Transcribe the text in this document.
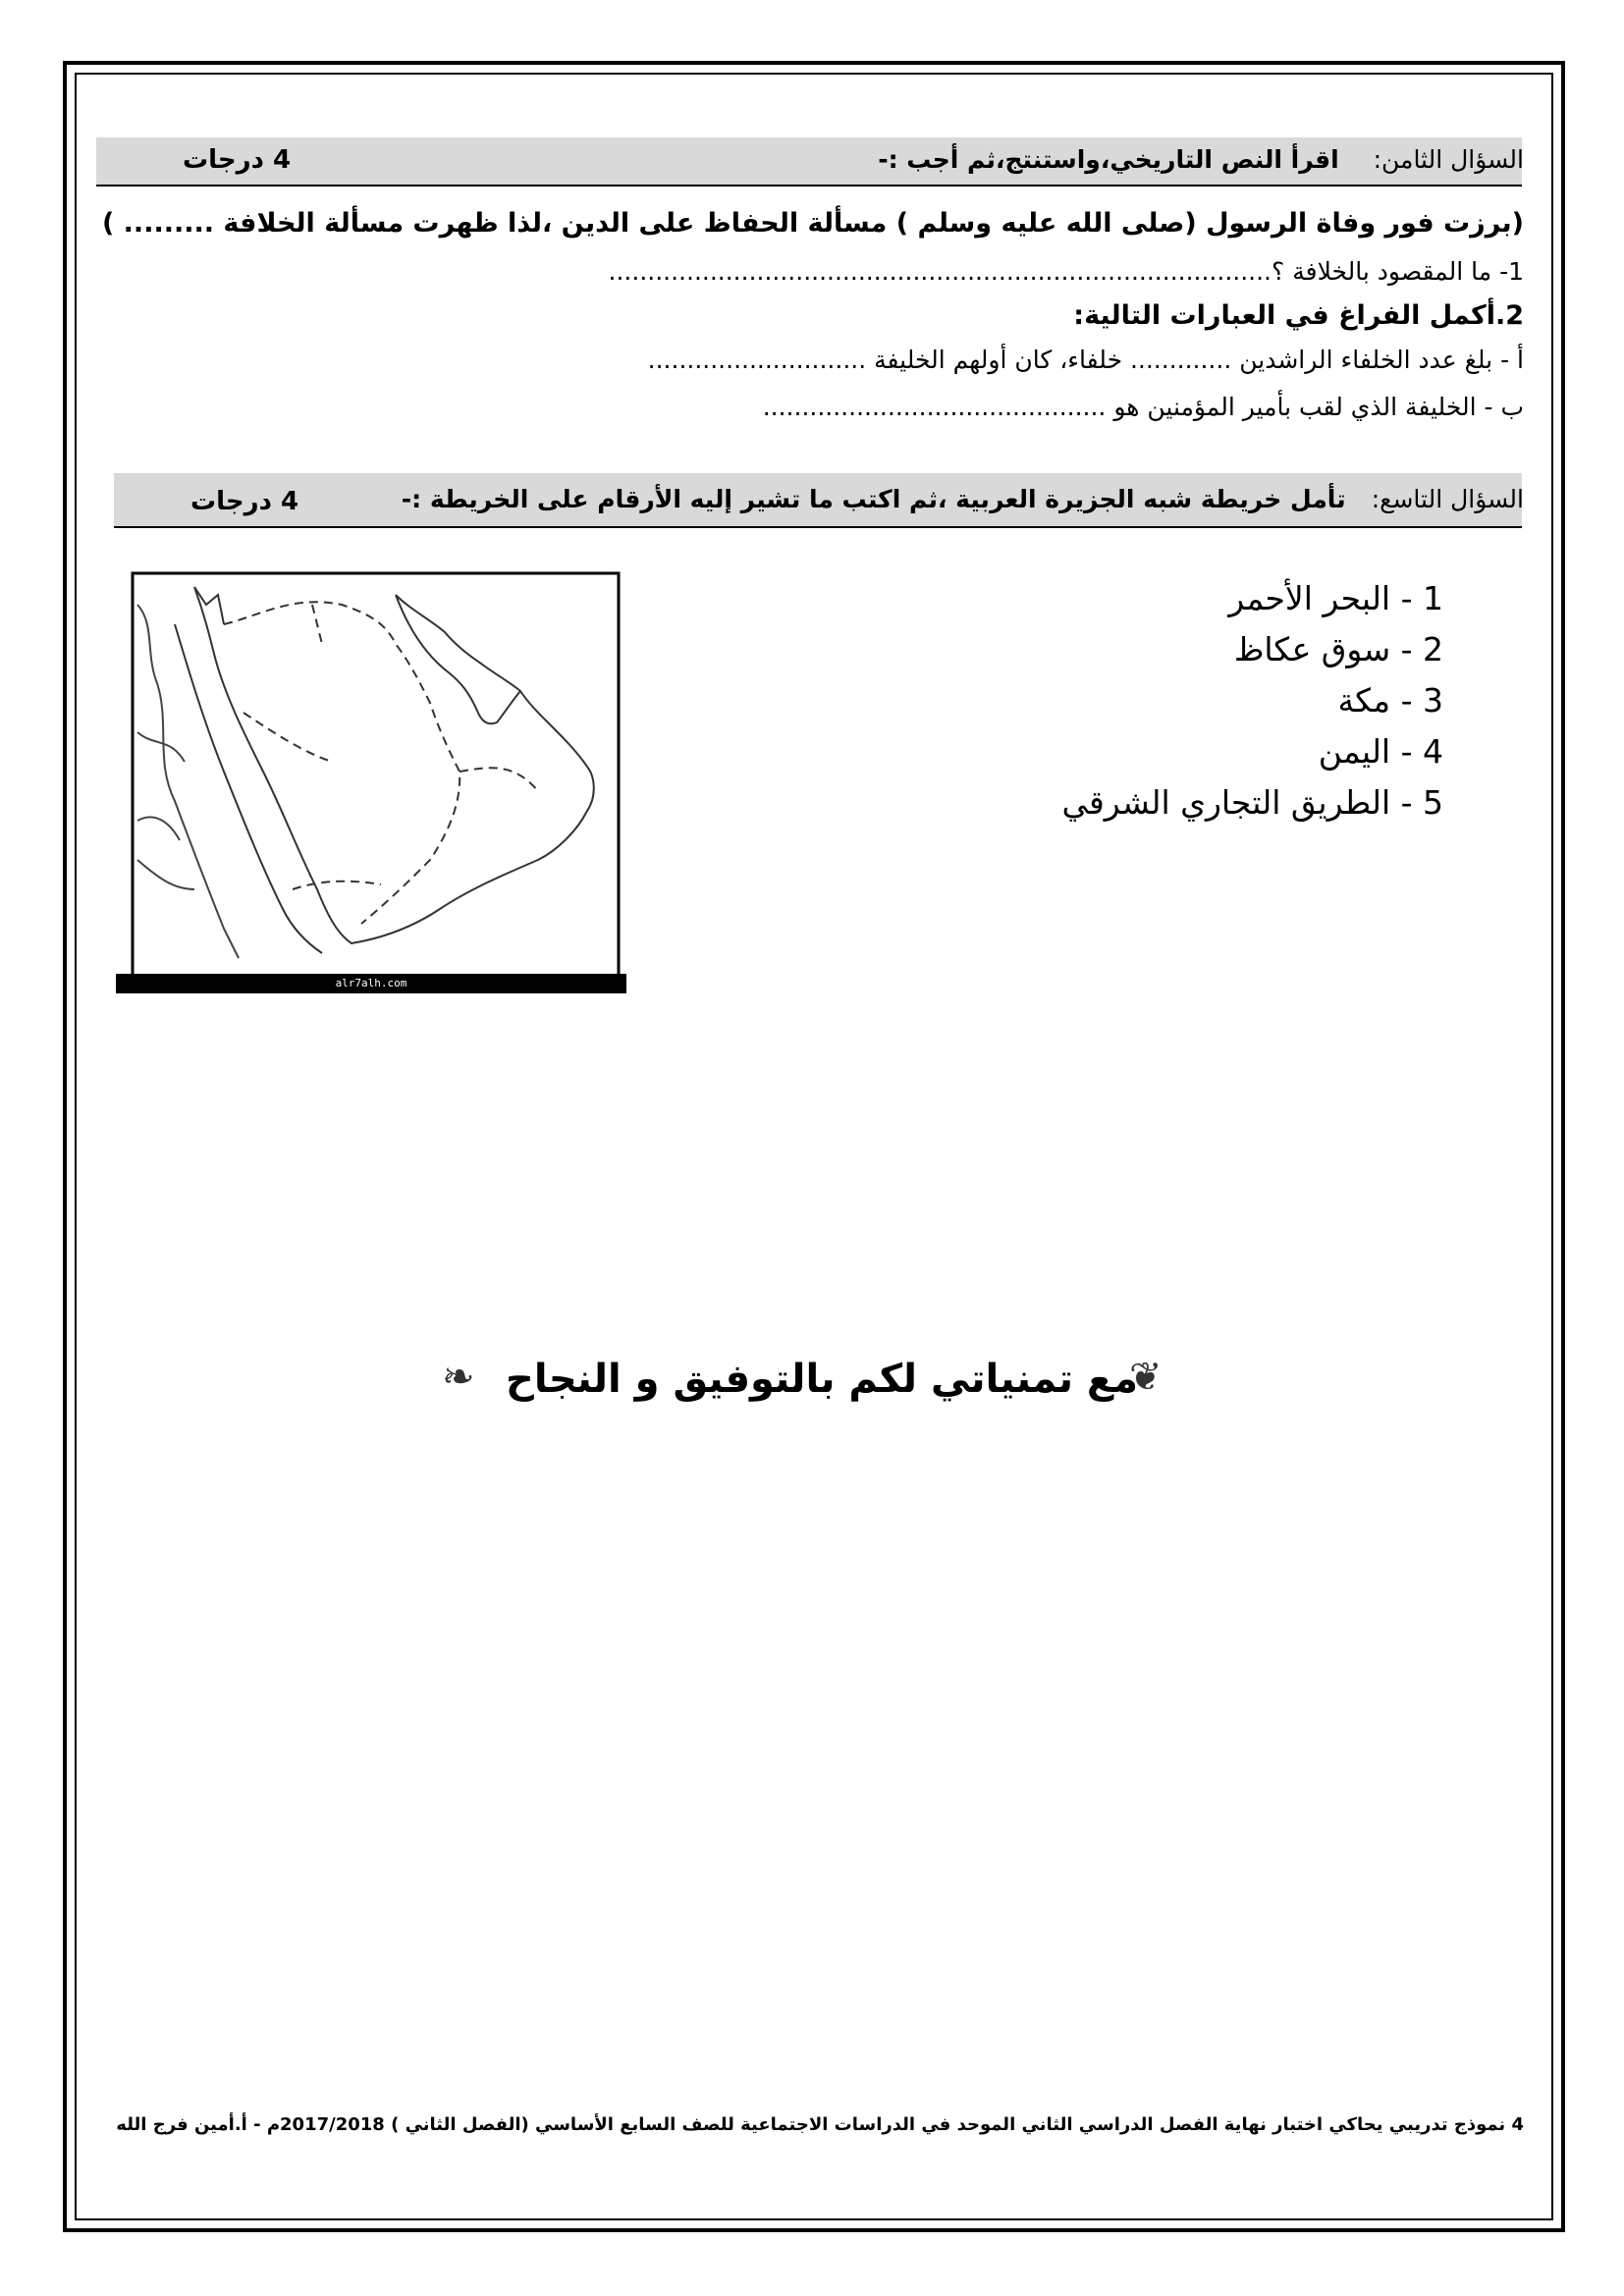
السؤال الثامن:    اقرأ النص التاريخي،واستنتج،ثم أجب :-
4 درجات
(برزت فور وفاة الرسول (صلى الله عليه وسلم ) مسألة الحفاظ على الدين ،لذا ظهرت مسألة الخلافة ......... )
1- ما المقصود بالخلافة ؟.....................................................................................
2.أكمل الفراغ في العبارات التالية:
أ - بلغ عدد الخلفاء الراشدين ............. خلفاء، كان أولهم الخليفة ............................
ب - الخليفة الذي لقب بأمير المؤمنين هو ............................................
السؤال التاسع:   تأمل خريطة شبه الجزيرة العربية ،ثم اكتب ما تشير إليه الأرقام على الخريطة :-
4 درجات
1 - البحر الأحمر
2 - سوق عكاظ
3 - مكة
4 - اليمن
5 - الطريق التجاري الشرقي
alr7alh.com
❦
مع تمنياتي لكم بالتوفيق و النجاح
❧
4 نموذج تدريبي يحاكي اختبار نهاية الفصل الدراسي الثاني الموحد في الدراسات الاجتماعية للصف السابع الأساسي (الفصل الثاني ) 2017/2018م - أ.أمين فرج الله
